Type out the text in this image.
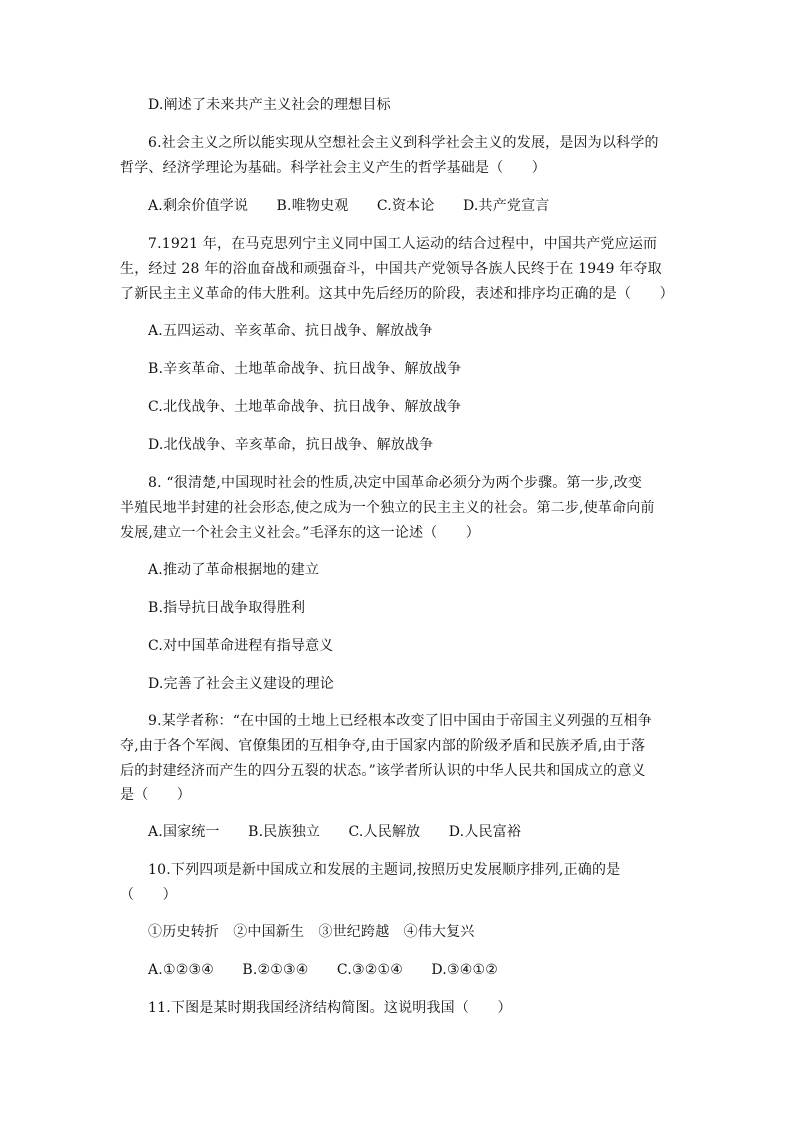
D.阐述了未来共产主义社会的理想目标
6.社会主义之所以能实现从空想社会主义到科学社会主义的发展，是因为以科学的
哲学、经济学理论为基础。科学社会主义产生的哲学基础是（　　）
A.剩余价值学说　　B.唯物史观　　C.资本论　　D.共产党宣言
7.1921 年，在马克思列宁主义同中国工人运动的结合过程中，中国共产党应运而
生，经过 28 年的浴血奋战和顽强奋斗，中国共产党领导各族人民终于在 1949 年夺取
了新民主主义革命的伟大胜利。这其中先后经历的阶段，表述和排序均正确的是（　　）
A.五四运动、辛亥革命、抗日战争、解放战争
B.辛亥革命、土地革命战争、抗日战争、解放战争
C.北伐战争、土地革命战争、抗日战争、解放战争
D.北伐战争、辛亥革命，抗日战争、解放战争
8. “很清楚,中国现时社会的性质,决定中国革命必须分为两个步骤。第一步,改变
半殖民地半封建的社会形态,使之成为一个独立的民主主义的社会。第二步,使革命向前
发展,建立一个社会主义社会。”毛泽东的这一论述（　　）
A.推动了革命根据地的建立
B.指导抗日战争取得胜利
C.对中国革命进程有指导意义
D.完善了社会主义建设的理论
9.某学者称：“在中国的土地上已经根本改变了旧中国由于帝国主义列强的互相争
夺,由于各个军阀、官僚集团的互相争夺,由于国家内部的阶级矛盾和民族矛盾,由于落
后的封建经济而产生的四分五裂的状态。”该学者所认识的中华人民共和国成立的意义
是（　　）
A.国家统一　　B.民族独立　　C.人民解放　　D.人民富裕
10.下列四项是新中国成立和发展的主题词,按照历史发展顺序排列,正确的是
（　　）
①历史转折　②中国新生　③世纪跨越　④伟大复兴
A.①②③④　　B.②①③④　　C.③②①④　　D.③④①②
11.下图是某时期我国经济结构简图。这说明我国（　　）
